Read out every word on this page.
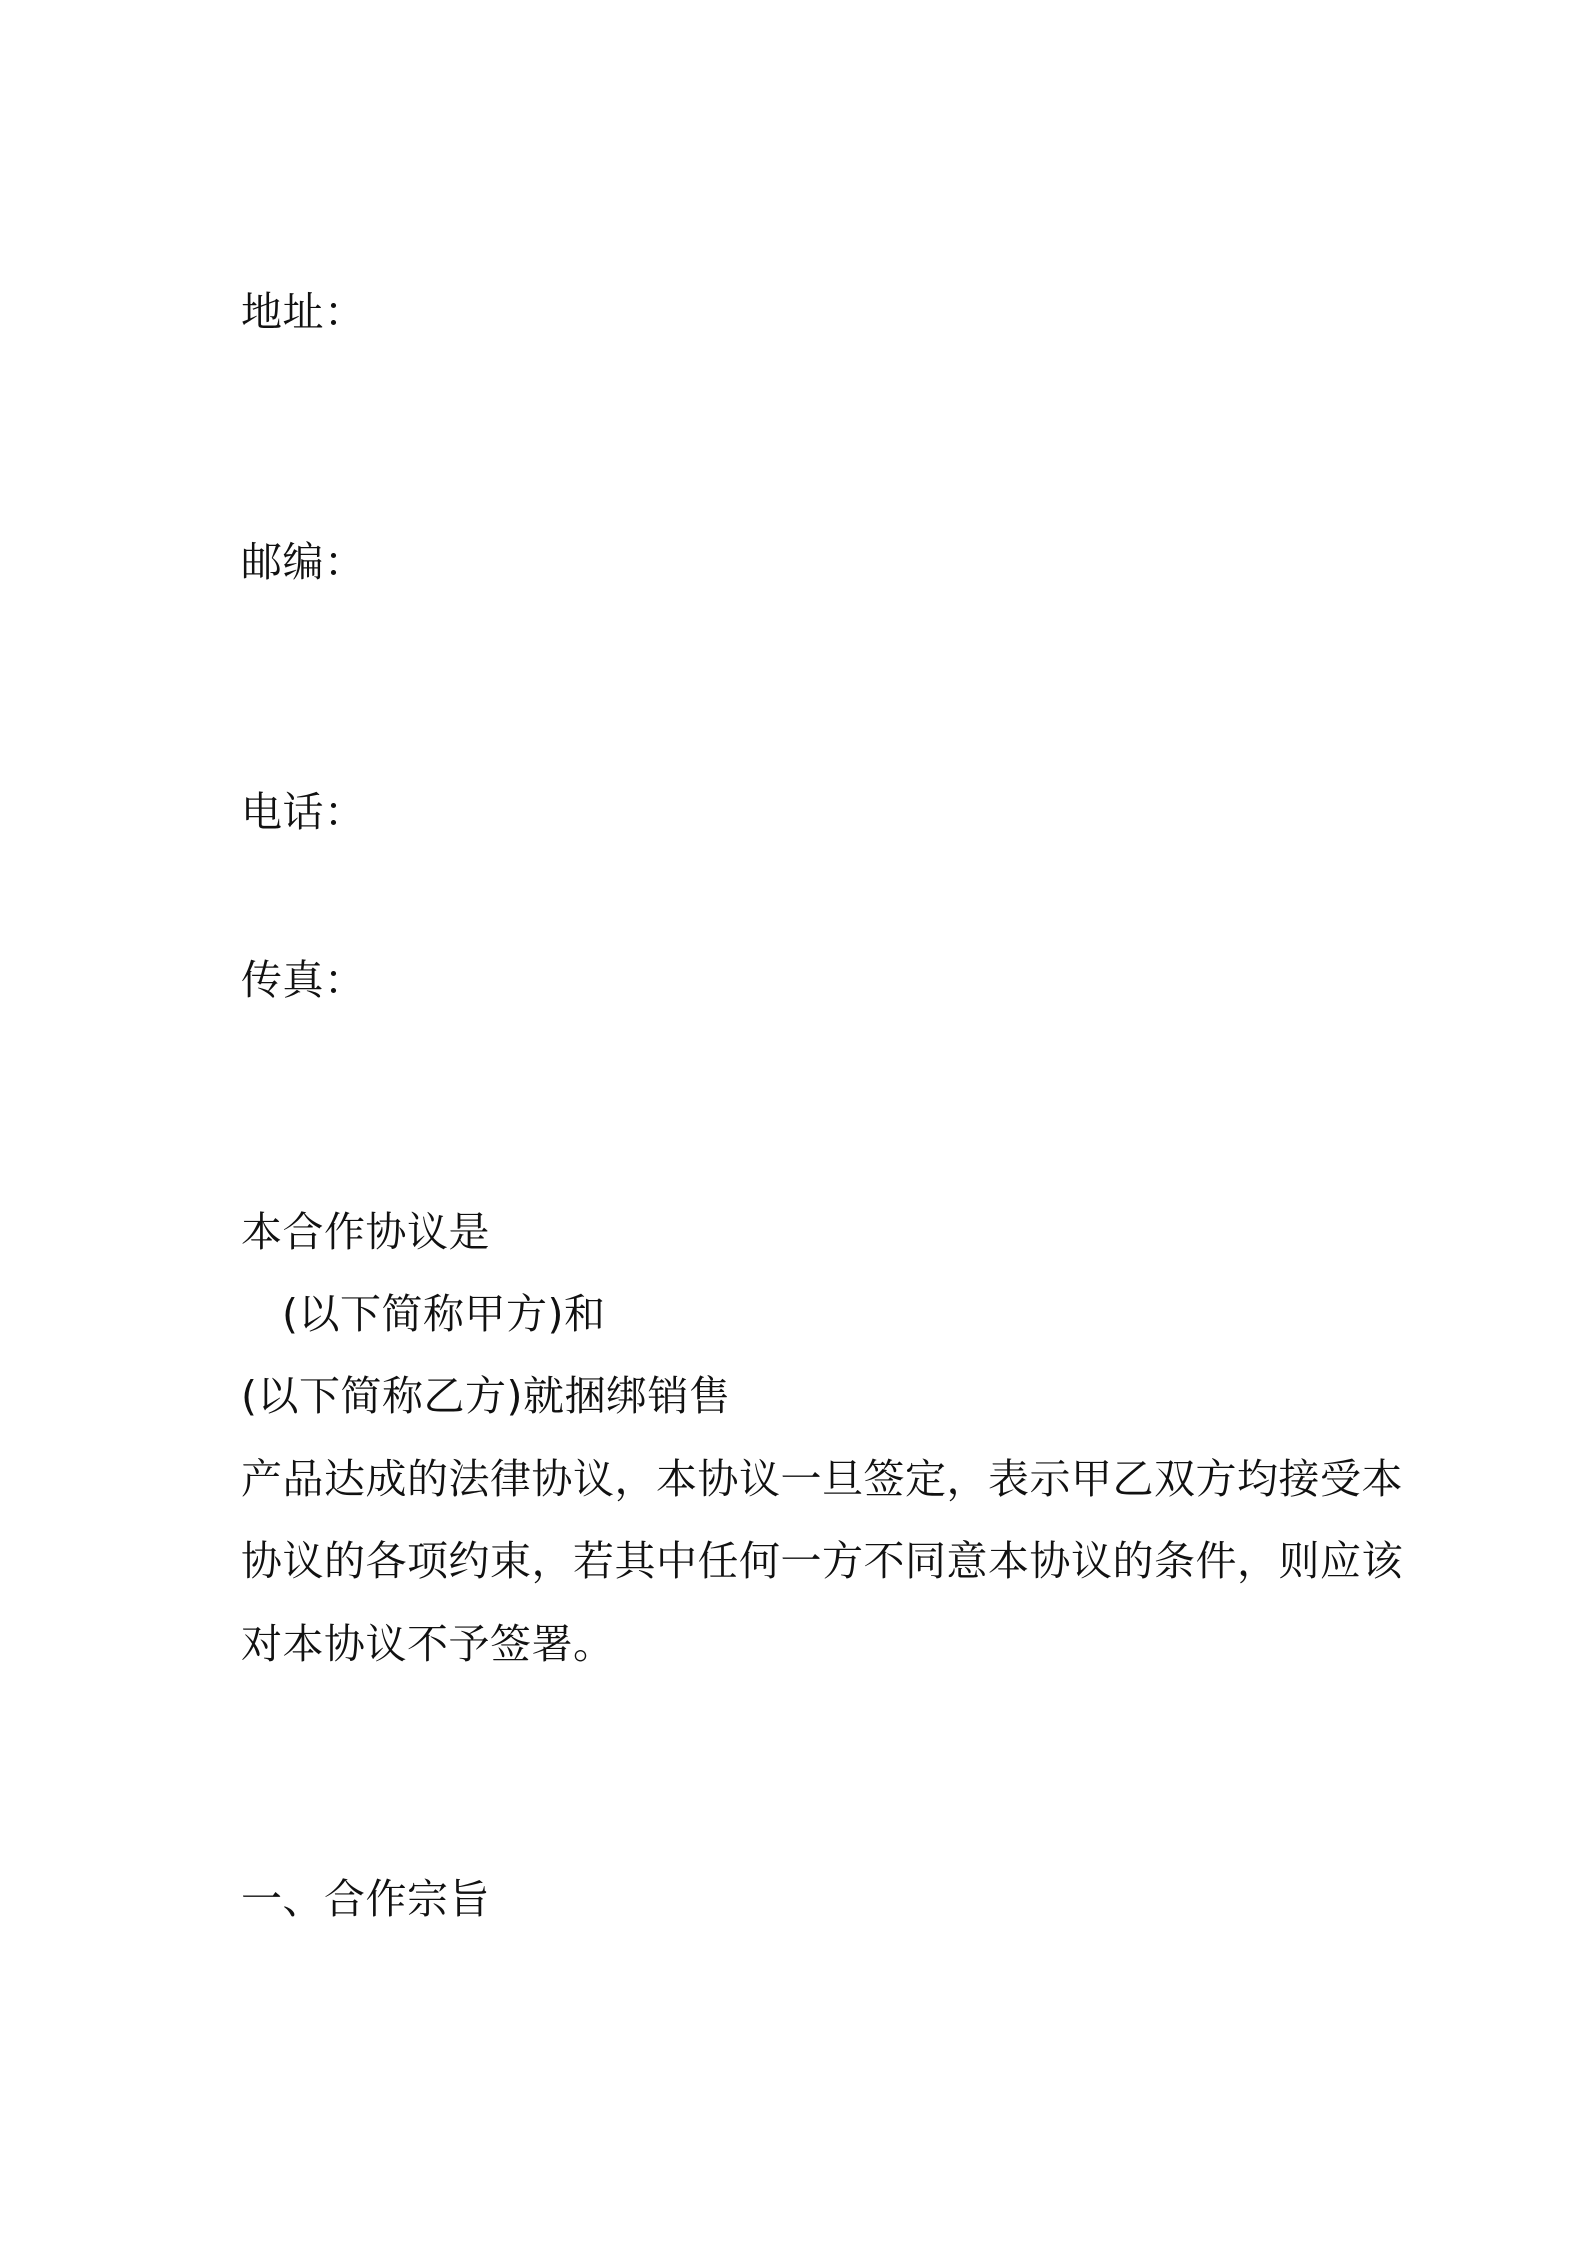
地址：
邮编：
电话：
传真：
本合作协议是
(以下简称甲方)和
(以下简称乙方)就捆绑销售
产品达成的法律协议，本协议一旦签定，表示甲乙双方均接受本
协议的各项约束，若其中任何一方不同意本协议的条件，则应该
对本协议不予签署。
一、合作宗旨
